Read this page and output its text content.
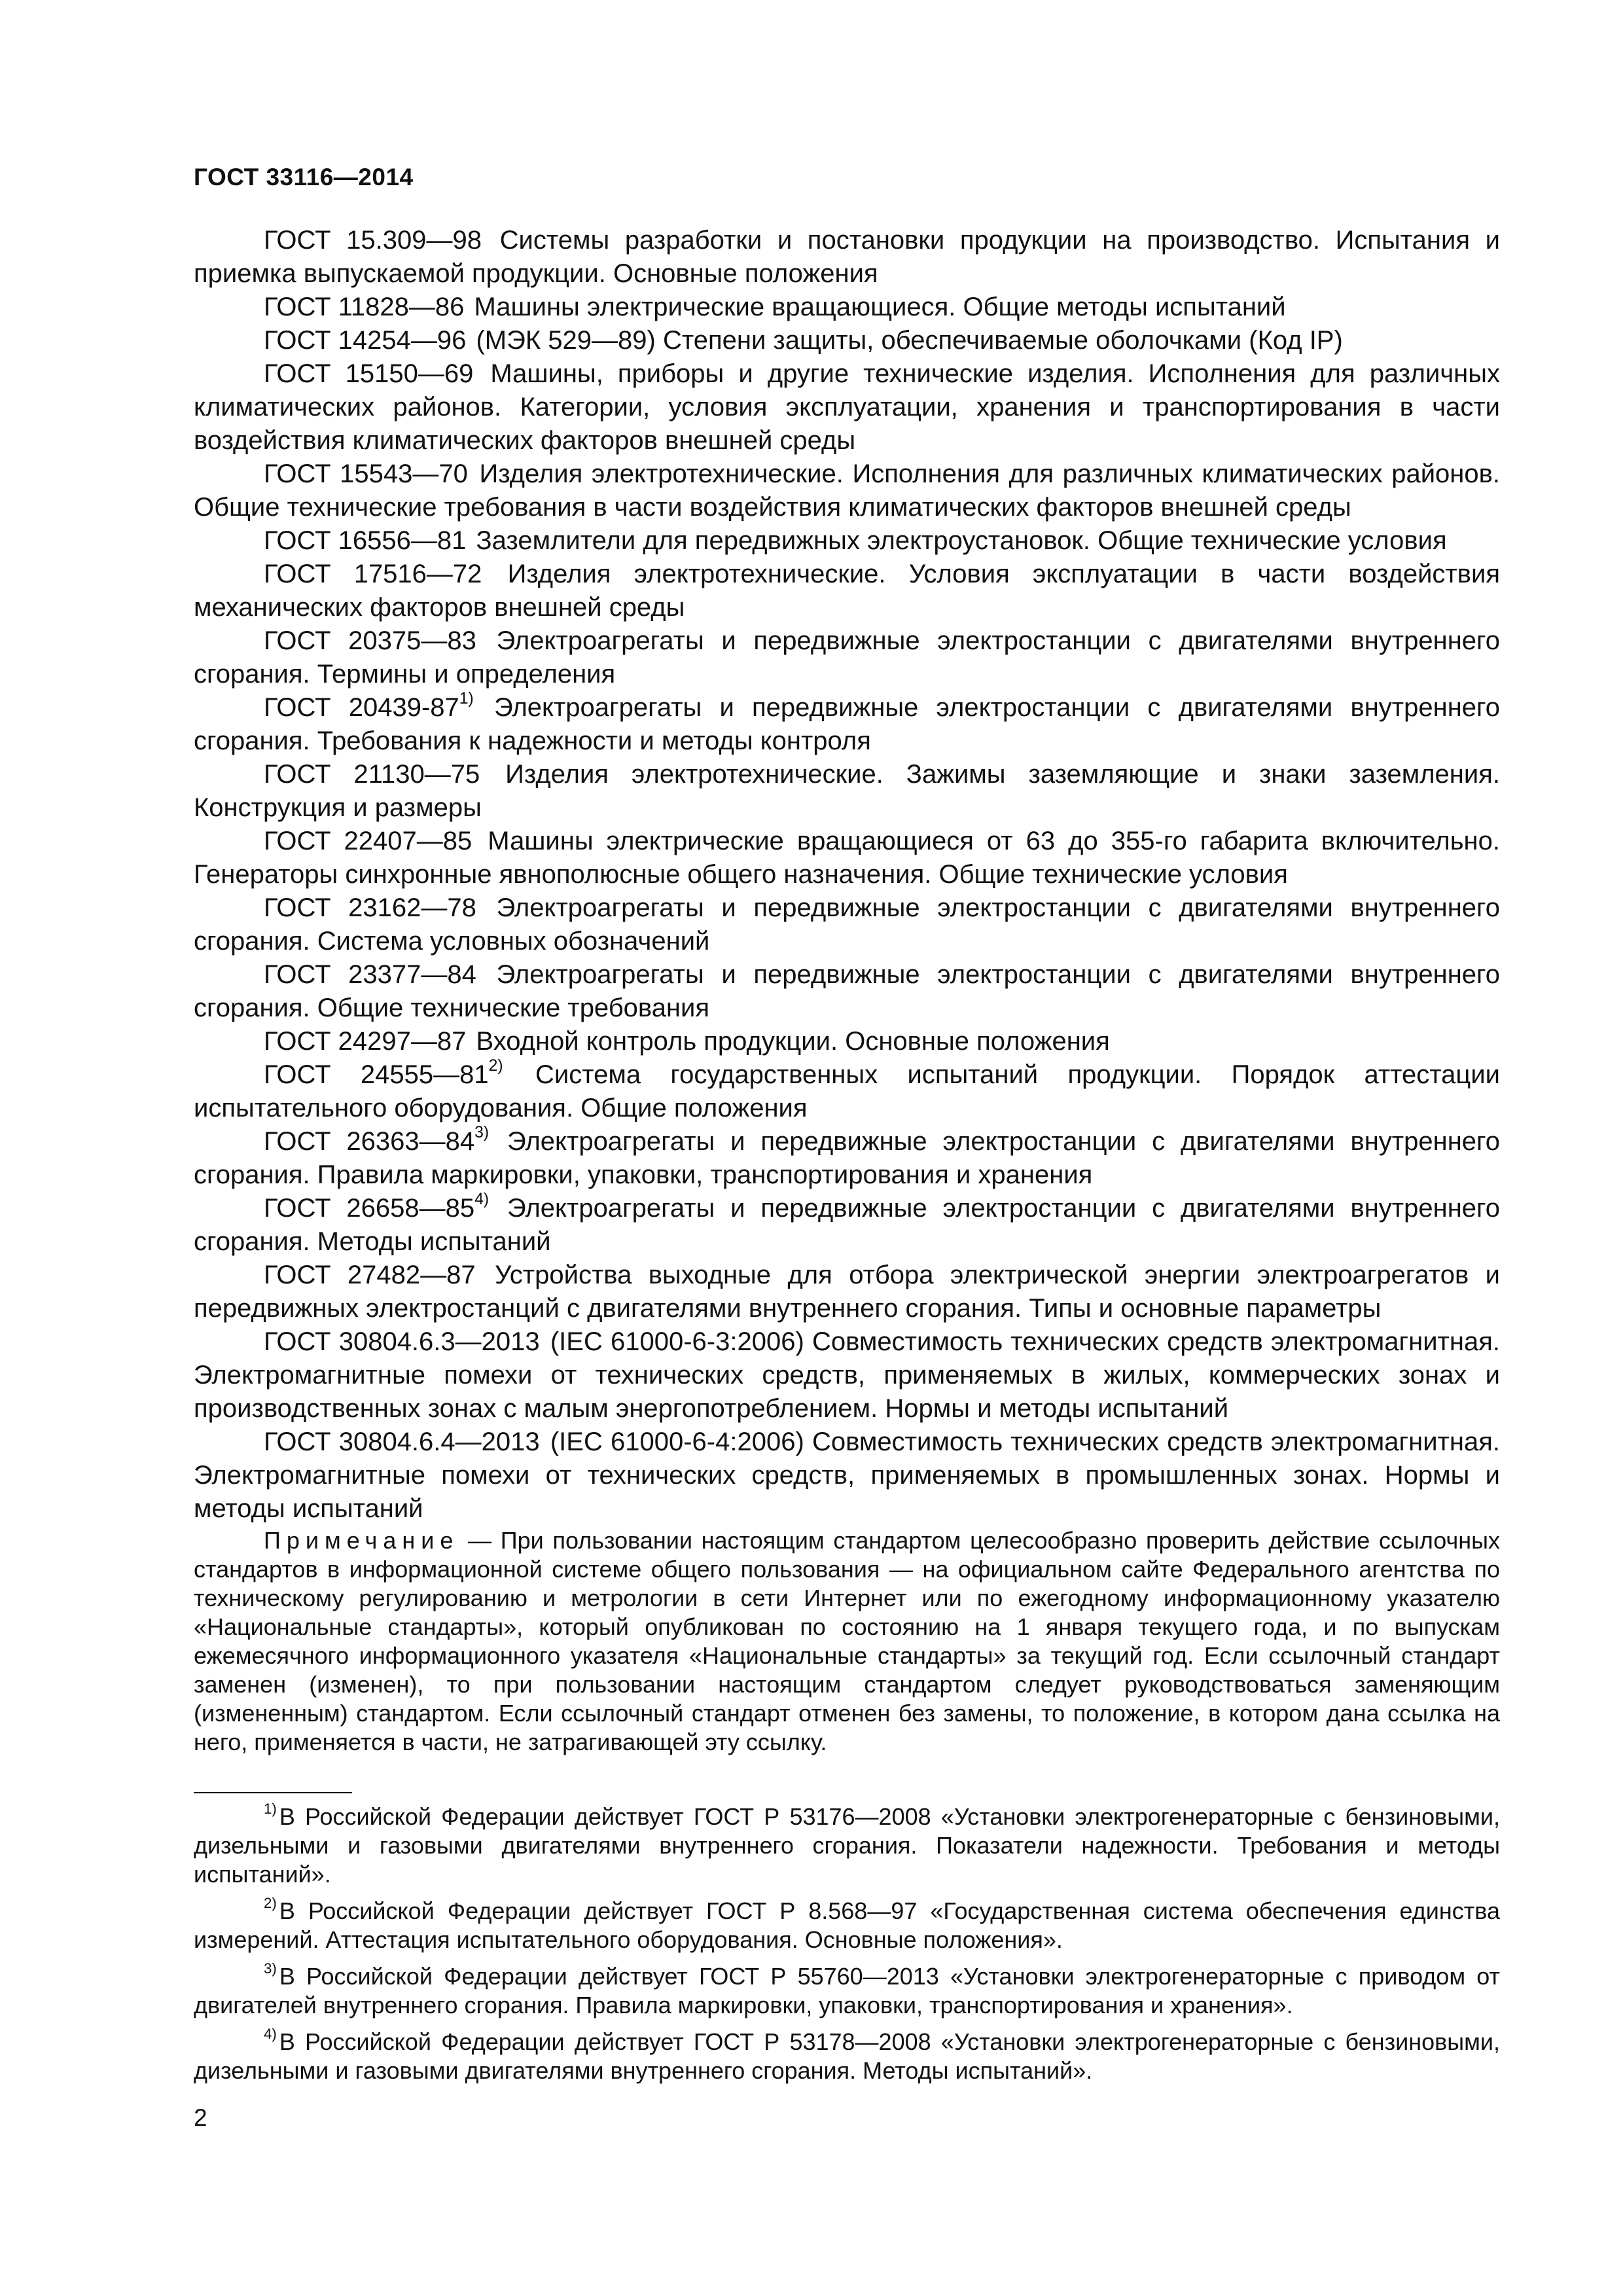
ГОСТ 33116—2014

ГОСТ 15.309—98 Системы разработки и постановки продукции на производство. Испытания и приемка выпускаемой продукции. Основные положения

ГОСТ 11828—86 Машины электрические вращающиеся. Общие методы испытаний

ГОСТ 14254—96 (МЭК 529—89) Степени защиты, обеспечиваемые оболочками (Код IP)

ГОСТ 15150—69 Машины, приборы и другие технические изделия. Исполнения для различных климатических районов. Категории, условия эксплуатации, хранения и транспортирования в части воздействия климатических факторов внешней среды

ГОСТ 15543—70 Изделия электротехнические. Исполнения для различных климатических районов. Общие технические требования в части воздействия климатических факторов внешней среды

ГОСТ 16556—81 Заземлители для передвижных электроустановок. Общие технические условия

ГОСТ 17516—72 Изделия электротехнические. Условия эксплуатации в части воздействия механических факторов внешней среды

ГОСТ 20375—83 Электроагрегаты и передвижные электростанции с двигателями внутреннего сгорания. Термины и определения

ГОСТ 20439-87$^{1)}$ Электроагрегаты и передвижные электростанции с двигателями внутреннего сгорания. Требования к надежности и методы контроля

ГОСТ 21130—75 Изделия электротехнические. Зажимы заземляющие и знаки заземления. Конструкция и размеры

ГОСТ 22407—85 Машины электрические вращающиеся от 63 до 355-го габарита включительно. Генераторы синхронные явнополюсные общего назначения. Общие технические условия

ГОСТ 23162—78 Электроагрегаты и передвижные электростанции с двигателями внутреннего сгорания. Система условных обозначений

ГОСТ 23377—84 Электроагрегаты и передвижные электростанции с двигателями внутреннего сгорания. Общие технические требования

ГОСТ 24297—87 Входной контроль продукции. Основные положения

ГОСТ 24555—81$^{2)}$ Система государственных испытаний продукции. Порядок аттестации испытательного оборудования. Общие положения

ГОСТ 26363—84$^{3)}$ Электроагрегаты и передвижные электростанции с двигателями внутреннего сгорания. Правила маркировки, упаковки, транспортирования и хранения

ГОСТ 26658—85$^{4)}$ Электроагрегаты и передвижные электростанции с двигателями внутреннего сгорания. Методы испытаний

ГОСТ 27482—87 Устройства выходные для отбора электрической энергии электроагрегатов и передвижных электростанций с двигателями внутреннего сгорания. Типы и основные параметры

ГОСТ 30804.6.3—2013 (IEC 61000-6-3:2006) Совместимость технических средств электромагнитная. Электромагнитные помехи от технических средств, применяемых в жилых, коммерческих зонах и производственных зонах с малым энергопотреблением. Нормы и методы испытаний

ГОСТ 30804.6.4—2013 (IEC 61000-6-4:2006) Совместимость технических средств электромагнитная. Электромагнитные помехи от технических средств, применяемых в промышленных зонах. Нормы и методы испытаний

Примечание — При пользовании настоящим стандартом целесообразно проверить действие ссылочных стандартов в информационной системе общего пользования — на официальном сайте Федерального агентства по техническому регулированию и метрологии в сети Интернет или по ежегодному информационному указателю «Национальные стандарты», который опубликован по состоянию на 1 января текущего года, и по выпускам ежемесячного информационного указателя «Национальные стандарты» за текущий год. Если ссылочный стандарт заменен (изменен), то при пользовании настоящим стандартом следует руководствоваться заменяющим (измененным) стандартом. Если ссылочный стандарт отменен без замены, то положение, в котором дана ссылка на него, применяется в части, не затрагивающей эту ссылку.

$^{1)}$ В Российской Федерации действует ГОСТ Р 53176—2008 «Установки электрогенераторные с бензиновыми, дизельными и газовыми двигателями внутреннего сгорания. Показатели надежности. Требования и методы испытаний».

$^{2)}$ В Российской Федерации действует ГОСТ Р 8.568—97 «Государственная система обеспечения единства измерений. Аттестация испытательного оборудования. Основные положения».

$^{3)}$ В Российской Федерации действует ГОСТ Р 55760—2013 «Установки электрогенераторные с приводом от двигателей внутреннего сгорания. Правила маркировки, упаковки, транспортирования и хранения».

$^{4)}$ В Российской Федерации действует ГОСТ Р 53178—2008 «Установки электрогенераторные с бензиновыми, дизельными и газовыми двигателями внутреннего сгорания. Методы испытаний».

2
